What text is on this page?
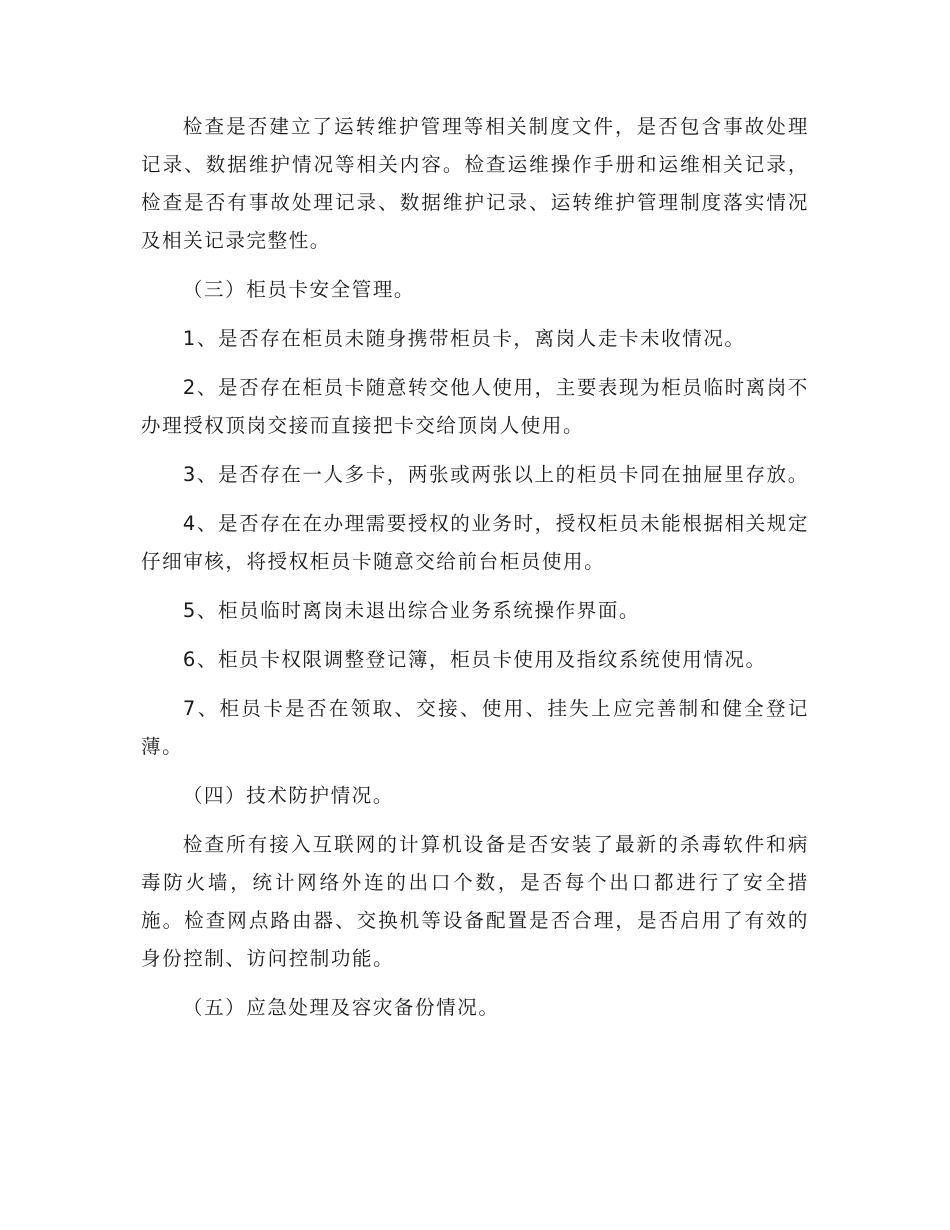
检查是否建立了运转维护管理等相关制度文件，是否包含事故处理记录、数据维护情况等相关内容。检查运维操作手册和运维相关记录，检查是否有事故处理记录、数据维护记录、运转维护管理制度落实情况及相关记录完整性。

（三）柜员卡安全管理。

1、是否存在柜员未随身携带柜员卡，离岗人走卡未收情况。

2、是否存在柜员卡随意转交他人使用，主要表现为柜员临时离岗不办理授权顶岗交接而直接把卡交给顶岗人使用。

3、是否存在一人多卡，两张或两张以上的柜员卡同在抽屉里存放。

4、是否存在在办理需要授权的业务时，授权柜员未能根据相关规定仔细审核，将授权柜员卡随意交给前台柜员使用。

5、柜员临时离岗未退出综合业务系统操作界面。

6、柜员卡权限调整登记簿，柜员卡使用及指纹系统使用情况。

7、柜员卡是否在领取、交接、使用、挂失上应完善制和健全登记薄。

（四）技术防护情况。

检查所有接入互联网的计算机设备是否安装了最新的杀毒软件和病毒防火墙，统计网络外连的出口个数，是否每个出口都进行了安全措施。检查网点路由器、交换机等设备配置是否合理，是否启用了有效的身份控制、访问控制功能。

（五）应急处理及容灾备份情况。
